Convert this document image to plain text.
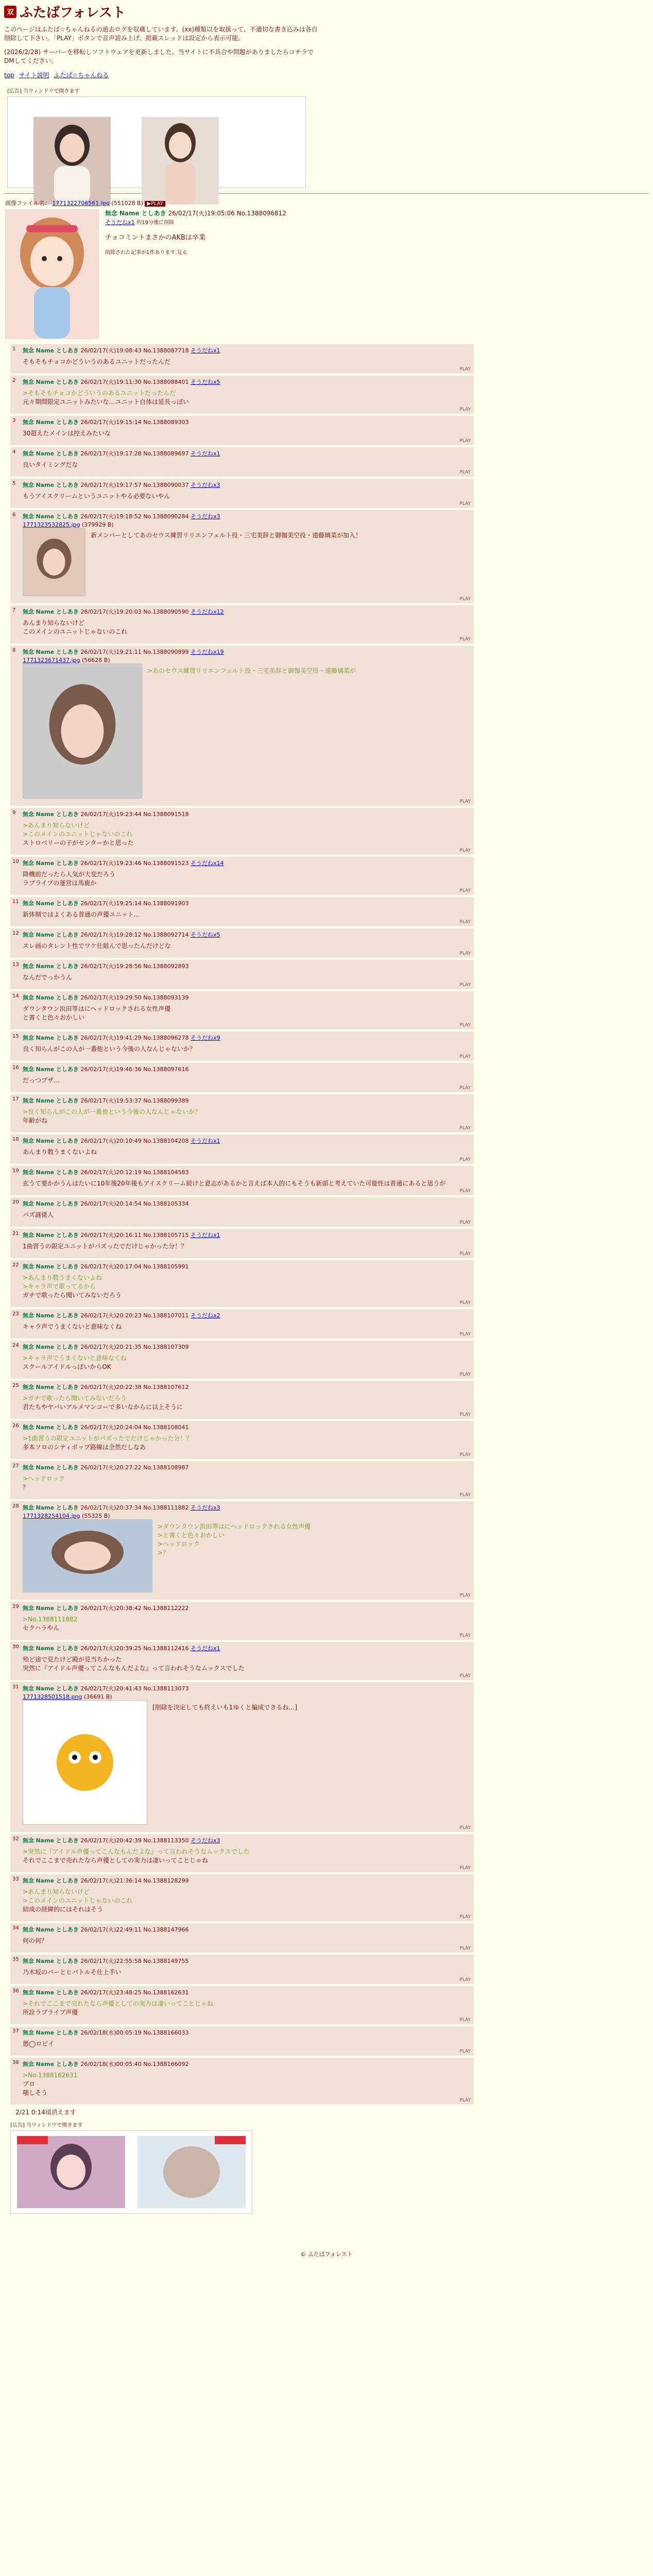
双 ふたばフォレスト

このページはふたば☆ちゃんねるの過去ログを収蔵しています。(xx)種類以を取扱って、不適切な書き込みは各自削除して下さい。「PLAY」ボタンで音声読み上げ、掲載スレッドは設定から表示可能。

(2026/2/28) サーバーを移転しソフトウェアを更新しました。当サイトに不具合や問題がありましたらコチラでDMしてください。

top サイト説明 ふたば☆ちゃんねる
[広告] 当ウィンドウで開きます
画像ファイル名： 1771322706561.jpg (551028 B) ▶PLAY
無念 Name としあき 26/02/17(火)19:05:06 No.1388096812
そうだねx1 約19分後に削除
チョコミントまさかのAKBは卒業
削除された記事が1件あります.見る
1 無念 Name としあき 26/02/17(火)19:08:43 No.1388087718 そうだねx1
そもそもチョコかどういうのあるユニットだったんだ
PLAY
2 無念 Name としあき 26/02/17(火)19:11:30 No.1388088401 そうだねx5
>そもそもチョコかどういうのあるユニットだったんだ
元々期間限定ユニットみたいな…ユニット自体は延長っぽい
PLAY
3 無念 Name としあき 26/02/17(火)19:15:14 No.1388089303
30超えたメインは控えみたいな
PLAY
4 無念 Name としあき 26/02/17(火)19:17:28 No.1388089697 そうだねx1
良いタイミングだな
PLAY
5 無念 Name としあき 26/02/17(火)19:17:57 No.1388090037 そうだねx3
もうアイスクリームというユニットやる必要ないやん
PLAY
6 無念 Name としあき 26/02/17(火)19:18:52 No.1388090284 そうだねx3
1771323532825.jpg (379929 B)
新メンバーとしてあのセウス練習リリエンフェルト役・三宅美辞と御伽美空役・遠藤璃菜が加入！
PLAY
7 無念 Name としあき 26/02/17(火)19:20:03 No.1388090590 そうだねx12
あんまり知らないけど
このメインのユニットじゃないのこれ
PLAY
8 無念 Name としあき 26/02/17(火)19:21:11 No.1388090899 そうだねx19
1771323671437.jpg (56628 B)
>あのセウス練習リリエンフェルト役・三宅美辞と御伽美空役・遠藤璃菜が
PLAY
9 無念 Name としあき 26/02/17(火)19:23:44 No.1388091518
>あんまり知らないけど
>このメインのユニットじゃないのこれ
ストロベリーの子がセンターかと思った
PLAY
10 無念 Name としあき 26/02/17(火)19:23:46 No.1388091523 そうだねx14
降機前だったら人気が大変だろう
ラブライブの運営は馬鹿か
PLAY
11 無念 Name としあき 26/02/17(火)19:25:14 No.1388091903
新体制ではよくある普通の声優ユニット…
PLAY
12 無念 Name としあき 26/02/17(火)19:28:12 No.1388092714 そうだねx5
スレ画のタレント性でワケ仕組んで思ったんだけどな
PLAY
13 無念 Name としあき 26/02/17(火)19:28:56 No.1388092893
なんだでっかうん
PLAY
14 無念 Name としあき 26/02/17(火)19:29:50 No.1388093139
ダウンタウン浜田等はにヘッドロックされる女性声優
と書くと色々おかしい
PLAY
15 無念 Name としあき 26/02/17(火)19:41:29 No.1388096278 そうだねx9
良く知らんがこの人が一番他という今後の人なんじゃないか？
PLAY
16 無念 Name としあき 26/02/17(火)19:46:36 No.1388097616
だっつプザ…
PLAY
17 無念 Name としあき 26/02/17(火)19:53:37 No.1388099389
>良く知らんがこの人が一番他という今後の人なんじゃないか？
年齢がね
PLAY
18 無念 Name としあき 26/02/17(火)20:10:49 No.1388104208 そうだねx1
あんまり数うまくないよね
PLAY
19 無念 Name としあき 26/02/17(火)20:12:19 No.1388104583
玄うて要かかうんはたいに10年後20年後もアイスクリーム続けと意志があるかと言えば本人的にもそうも新頭と考えていた可能性は普通にあると思うが
PLAY
20 無念 Name としあき 26/02/17(火)20:14:54 No.1388105334
バズ謎係人
PLAY
21 無念 Name としあき 26/02/17(火)20:16:11 No.1388105715 そうだねx1
1曲習うの限定ユニットがパズったでだけじゃかった分！？
PLAY
22 無念 Name としあき 26/02/17(火)20:17:04 No.1388105991
>あんまり数うまくないよね
>キャラ声で歌ってるから
ガチで歌ったら聞いてみないだろう
PLAY
23 無念 Name としあき 26/02/17(火)20:20:23 No.1388107011 そうだねx2
キャラ声でうまくないと意味なくね
PLAY
24 無念 Name としあき 26/02/17(火)20:21:35 No.1388107309
>キャラ声でうまくないと意味なくね
スクールアイドルっぽいからOK
PLAY
25 無念 Name としあき 26/02/17(火)20:22:38 No.1388107612
>ガチで歌ったら聞いてみないだろう
君たちやヤバいアルメマンコーで多いなからに以上そうに
PLAY
26 無念 Name としあき 26/02/17(火)20:24:04 No.1388108041
>1曲習うの限定ユニットがパズったでだけじゃかった分！？
多本ソロのシティポップ路線は全然だしなあ
PLAY
27 無念 Name としあき 26/02/17(火)20:27:22 No.1388108987
>ヘッドロック
？
PLAY
28 無念 Name としあき 26/02/17(火)20:37:34 No.1388111882 そうだねx3
1771328254104.jpg (55325 B)
>ダウンタウン浜田等はにヘッドロックされる女性声優
>と書くと色々おかしい
>ヘッドロック
>？
PLAY
29 無念 Name としあき 26/02/17(火)20:38:42 No.1388112222
>No.1388111882
セクハラやん
PLAY
30 無念 Name としあき 26/02/17(火)20:39:25 No.1388112416 そうだねx1
殆ど途で見たけど殿が見当ちかった
突然に『アイドル声優ってこんなもんだよな』って言われそうなムックスでした
PLAY
31 無念 Name としあき 26/02/17(火)20:41:43 No.1388113073
1771328501518.png (36691 B)
[削除を決定しても終えいも1ゆくと編成できるね…]
PLAY
32 無念 Name としあき 26/02/17(火)20:42:39 No.1388113350 そうだねx3
>突然に『アイドル声優ってこんなもんだよな』って言われそうなムックスでした
それでここまで売れたなら声優としての実力は凄いってことじゃね
PLAY
33 無念 Name としあき 26/02/17(火)21:36:14 No.1388128299
>あんまり知らないけど
>このメインのユニットじゃないのこれ
結成の経緯的にはそれはそう
PLAY
34 無念 Name としあき 26/02/17(火)22:49:11 No.1388147966
何の何？
PLAY
35 無念 Name としあき 26/02/17(火)22:55:58 No.1388149755
乃木坂のバーとヒバトルそ仕上手い
PLAY
36 無念 Name としあき 26/02/17(火)23:48:25 No.1388162631
>それでここまで売れたなら声優としての実力は凄いってことじゃね
所詮ラブライブ声優
PLAY
37 無念 Name としあき 26/02/18(水)00:05:19 No.1388166033
愚◯ロビイ
PLAY
38 無念 Name としあき 26/02/18(水)00:05:40 No.1388166092
>No.1388162631
プロ
嗤しそう
PLAY
2/21 0:14頃消えます
[広告] 当ウィンドウで開きます
© ふたばフォレスト
